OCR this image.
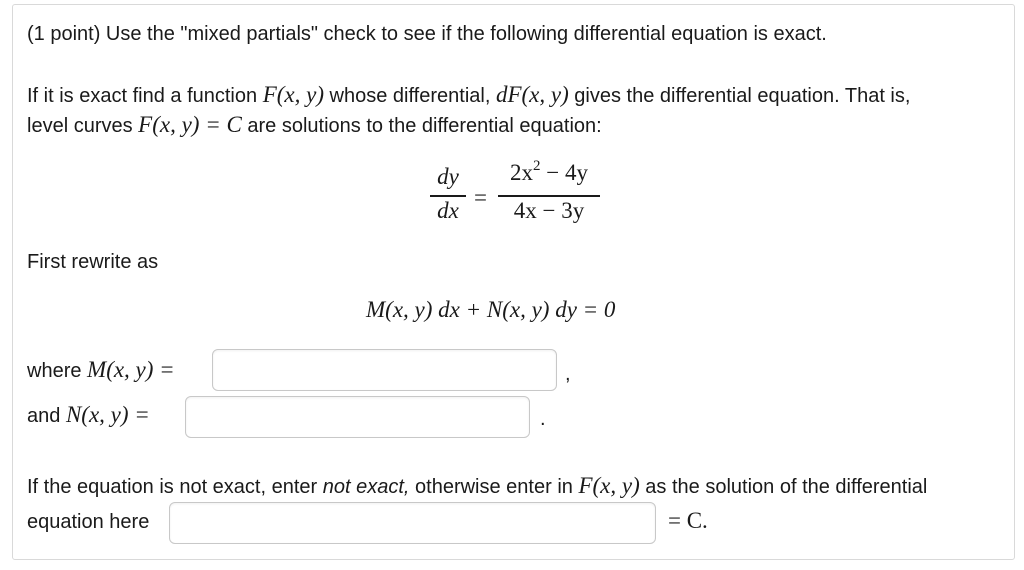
(1 point) Use the "mixed partials" check to see if the following differential equation is exact.
If it is exact find a function F(x, y) whose differential, dF(x, y) gives the differential equation. That is,
level curves F(x, y) = C are solutions to the differential equation:
dy
dx
=
$2x^2 - 4y$
4x − 3y
First rewrite as
M(x, y) dx + N(x, y) dy = 0
where M(x, y) =	,
and N(x, y) =	.
If the equation is not exact, enter not exact, otherwise enter in F(x, y) as the solution of the differential
equation here	= C.
